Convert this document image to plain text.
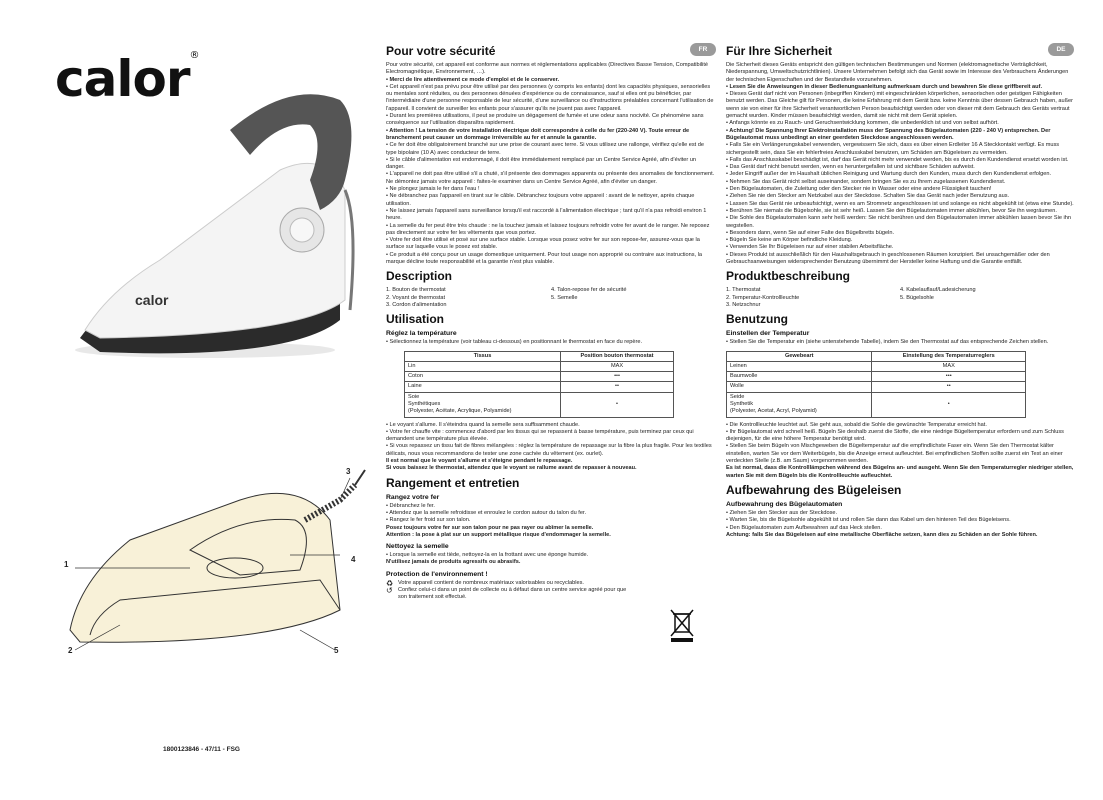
calor®
calor
1
2
3
4
5
1800123846 - 47/11 - FSG
FR
Pour votre sécurité

Pour votre sécurité, cet appareil est conforme aux normes et réglementations applicables (Directives Basse Tension, Compatibilité Electromagnétique, Environnement, …).

• Merci de lire attentivement ce mode d'emploi et de le conserver.

• Cet appareil n'est pas prévu pour être utilisé par des personnes (y compris les enfants) dont les capacités physiques, sensorielles ou mentales sont réduites, ou des personnes dénuées d'expérience ou de connaissance, sauf si elles ont pu bénéficier, par l'intermédiaire d'une personne responsable de leur sécurité, d'une surveillance ou d'instructions préalables concernant l'utilisation de l'appareil. Il convient de surveiller les enfants pour s'assurer qu'ils ne jouent pas avec l'appareil.

• Durant les premières utilisations, il peut se produire un dégagement de fumée et une odeur sans nocivité. Ce phénomène sans conséquence sur l'utilisation disparaîtra rapidement.

• Attention ! La tension de votre installation électrique doit correspondre à celle du fer (220-240 V). Toute erreur de branchement peut causer un dommage irréversible au fer et annule la garantie.

• Ce fer doit être obligatoirement branché sur une prise de courant avec terre. Si vous utilisez une rallonge, vérifiez qu'elle est de type bipolaire (10 A) avec conducteur de terre.

• Si le câble d'alimentation est endommagé, il doit être immédiatement remplacé par un Centre Service Agréé, afin d'éviter un danger.

• L'appareil ne doit pas être utilisé s'il a chuté, s'il présente des dommages apparents ou présente des anomalies de fonctionnement. Ne démontez jamais votre appareil : faites-le examiner dans un Centre Service Agréé, afin d'éviter un danger.

• Ne plongez jamais le fer dans l'eau !

• Ne débranchez pas l'appareil en tirant sur le câble. Débranchez toujours votre appareil : avant de le nettoyer, après chaque utilisation.

• Ne laissez jamais l'appareil sans surveillance lorsqu'il est raccordé à l'alimentation électrique ; tant qu'il n'a pas refroidi environ 1 heure.

• La semelle du fer peut être très chaude : ne la touchez jamais et laissez toujours refroidir votre fer avant de le ranger. Ne reposez pas directement sur votre fer les vêtements que vous portez.

• Votre fer doit être utilisé et posé sur une surface stable. Lorsque vous posez votre fer sur son repose-fer, assurez-vous que la surface sur laquelle vous le posez est stable.

• Ce produit a été conçu pour un usage domestique uniquement. Pour tout usage non approprié ou contraire aux instructions, la marque décline toute responsabilité et la garantie n'est plus valable.

Description

1. Bouton de thermostat

2. Voyant de thermostat

3. Cordon d'alimentation

4. Talon-repose fer de sécurité

5. Semelle

Utilisation
Réglez la température

• Sélectionnez la température (voir tableau ci-dessous) en positionnant le thermostat en face du repère.

Tissus	Position bouton thermostat
Lin	MAX
Coton	•••
Laine	••
Soie
Synthétiques
(Polyester, Acétate, Acrylique, Polyamide)	•

• Le voyant s'allume. Il s'éteindra quand la semelle sera suffisamment chaude.

• Votre fer chauffe vite : commencez d'abord par les tissus qui se repassent à basse température, puis terminez par ceux qui demandent une température plus élevée.

• Si vous repassez un tissu fait de fibres mélangées : réglez la température de repassage sur la fibre la plus fragile. Pour les textiles délicats, nous vous recommandons de tester une zone cachée du vêtement (ex. ourlet).

Il est normal que le voyant s'allume et s'éteigne pendant le repassage.

Si vous baissez le thermostat, attendez que le voyant se rallume avant de repasser à nouveau.

Rangement et entretien
Rangez votre fer

• Débranchez le fer.

• Attendez que la semelle refroidisse et enroulez le cordon autour du talon du fer.

• Rangez le fer froid sur son talon.

Posez toujours votre fer sur son talon pour ne pas rayer ou abîmer la semelle.

Attention : la pose à plat sur un support métallique risque d'endommager la semelle.

Nettoyez la semelle

• Lorsque la semelle est tiède, nettoyez-la en la frottant avec une éponge humide.

N'utilisez jamais de produits agressifs ou abrasifs.

Protection de l'environnement !
♻ Votre appareil contient de nombreux matériaux valorisables ou recyclables.

↺ Confiez celui-ci dans un point de collecte ou à défaut dans un centre service agréé pour que son traitement soit effectué.

DE
Für Ihre Sicherheit

Die Sicherheit dieses Geräts entspricht den gültigen technischen Bestimmungen und Normen (elektromagnetische Verträglichkeit, Niederspannung, Umweltschutzrichtlinien). Unsere Unternehmen befolgt sich das Gerät sowie im Interesse des Verbrauchers Änderungen der technischen Eigenschaften und der Bestandteile vorzunehmen.

• Lesen Sie die Anweisungen in dieser Bedienungsanleitung aufmerksam durch und bewahren Sie diese griffbereit auf.

• Dieses Gerät darf nicht von Personen (inbegriffen Kindern) mit eingeschränkten körperlichen, sensorischen oder geistigen Fähigkeiten benutzt werden. Das Gleiche gilt für Personen, die keine Erfahrung mit dem Gerät bzw. keine Kenntnis über dessen Gebrauch haben, außer wenn sie von einer für ihre Sicherheit verantwortlichen Person beaufsichtigt werden oder von dieser mit dem Gebrauch des Geräts vertraut gemacht wurden. Kinder müssen beaufsichtigt werden, damit sie nicht mit dem Gerät spielen.

• Anfangs könnte es zu Rauch- und Geruchsentwicklung kommen, die unbedenklich ist und von selbst aufhört.

• Achtung! Die Spannung Ihrer Elektroinstallation muss der Spannung des Bügelautomaten (220 - 240 V) entsprechen. Der Bügelautomat muss unbedingt an einer geerdeten Steckdose angeschlossen werden.

• Falls Sie ein Verlängerungskabel verwenden, vergewissern Sie sich, dass es über einen Erdleiter 16 A Steckkontakt verfügt. Es muss sichergestellt sein, dass Sie ein fehlerfreies Anschlusskabel benutzen, um Schäden am Bügeleisen zu vermeiden.

• Falls das Anschlusskabel beschädigt ist, darf das Gerät nicht mehr verwendet werden, bis es durch den Kundendienst ersetzt worden ist.

• Das Gerät darf nicht benutzt werden, wenn es heruntergefallen ist und sichtbare Schäden aufweist.

• Jeder Eingriff außer der im Haushalt üblichen Reinigung und Wartung durch den Kunden, muss durch den Kundendienst erfolgen.

• Nehmen Sie das Gerät nicht selbst auseinander, sondern bringen Sie es zu Ihrem zugelassenen Kundendienst.

• Den Bügelautomaten, die Zuleitung oder den Stecker nie in Wasser oder eine andere Flüssigkeit tauchen!

• Ziehen Sie nie den Stecker am Netzkabel aus der Steckdose. Schalten Sie das Gerät nach jeder Benutzung aus.

• Lassen Sie das Gerät nie unbeaufsichtigt, wenn es am Stromnetz angeschlossen ist und solange es nicht abgekühlt ist (etwa eine Stunde).

• Berühren Sie niemals die Bügelsohle, sie ist sehr heiß. Lassen Sie den Bügelautomaten immer abkühlen, bevor Sie ihn wegräumen.

• Die Sohle des Bügelautomaten kann sehr heiß werden: Sie nicht berühren und den Bügelautomaten immer abkühlen lassen bevor Sie ihn wegstellen.

• Besonders dann, wenn Sie auf einer Falte des Bügelbretts bügeln.

• Bügeln Sie keine am Körper befindliche Kleidung.

• Verwenden Sie Ihr Bügeleisen nur auf einer stabilen Arbeitsfläche.

• Dieses Produkt ist ausschließlich für den Haushaltsgebrauch in geschlossenen Räumen konzipiert. Bei unsachgemäßer oder den Gebrauchsanweisungen widersprechender Benutzung übernimmt der Hersteller keine Haftung und die Garantie entfällt.

Produktbeschreibung

1. Thermostat

2. Temperatur-Kontrollleuchte

3. Netzschnur

4. Kabelauflauf/Ladesicherung

5. Bügelsohle

Benutzung
Einstellen der Temperatur

• Stellen Sie die Temperatur ein (siehe untenstehende Tabelle), indem Sie den Thermostat auf das entsprechende Zeichen stellen.

Gewebeart	Einstellung des Temperaturreglers
Leinen	MAX
Baumwolle	•••
Wolle	••
Seide
Synthetik
(Polyester, Acetat, Acryl, Polyamid)	•

• Die Kontrollleuchte leuchtet auf. Sie geht aus, sobald die Sohle die gewünschte Temperatur erreicht hat.

• Ihr Bügelautomat wird schnell heiß. Bügeln Sie deshalb zuerst die Stoffe, die eine niedrige Bügeltemperatur erfordern und zum Schluss diejenigen, für die eine höhere Temperatur benötigt wird.

• Stellen Sie beim Bügeln von Mischgeweben die Bügeltemperatur auf die empfindlichste Faser ein. Wenn Sie den Thermostat kälter einstellen, warten Sie vor dem Weiterbügeln, bis die Anzeige erneut aufleuchtet. Bei empfindlichen Stoffen sollte zuerst ein Test an einer verdeckten Stelle (z.B. am Saum) vorgenommen werden.

Es ist normal, dass die Kontrolllämpchen während des Bügelns an- und ausgeht. Wenn Sie den Temperaturregler niedriger stellen, warten Sie mit dem Bügeln bis die Kontrollleuchte aufleuchtet.

Aufbewahrung des Bügeleisen
Aufbewahrung des Bügelautomaten

• Ziehen Sie den Stecker aus der Steckdose.

• Warten Sie, bis die Bügelsohle abgekühlt ist und rollen Sie dann das Kabel um den hinteren Teil des Bügeleisens.

• Den Bügelautomaten zum Aufbewahren auf das Heck stellen.

Achtung: falls Sie das Bügeleisen auf eine metallische Oberfläche setzen, kann dies zu Schäden an der Sohle führen.
